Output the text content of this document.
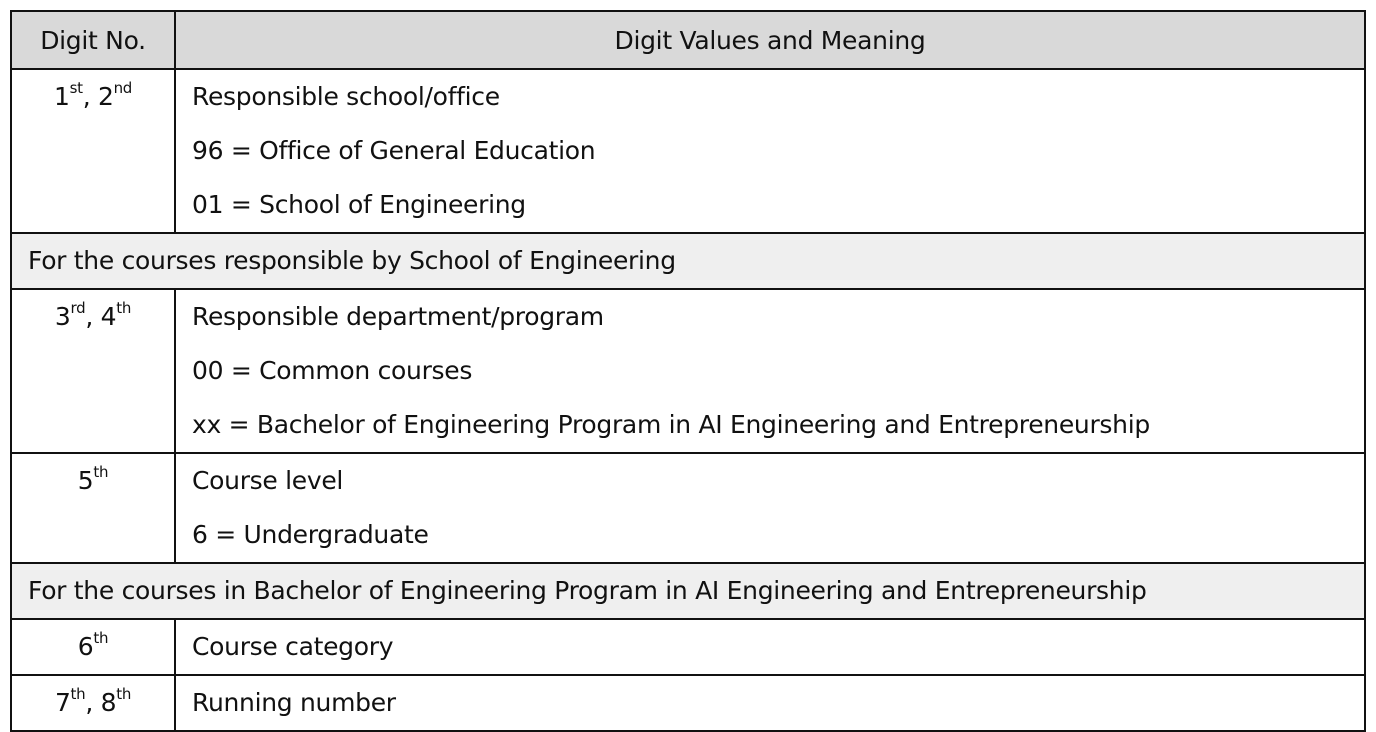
Digit No.	Digit Values and Meaning
1st, 2nd	Responsible school/office
96 = Office of General Education
01 = School of Engineering

For the courses responsible by School of Engineering	
3rd, 4th	Responsible department/program
00 = Common courses
xx = Bachelor of Engineering Program in AI Engineering and Entrepreneurship

5th	Course level
6 = Undergraduate

For the courses in Bachelor of Engineering Program in AI Engineering and Entrepreneurship	
6th	Course category

7th, 8th	Running number
